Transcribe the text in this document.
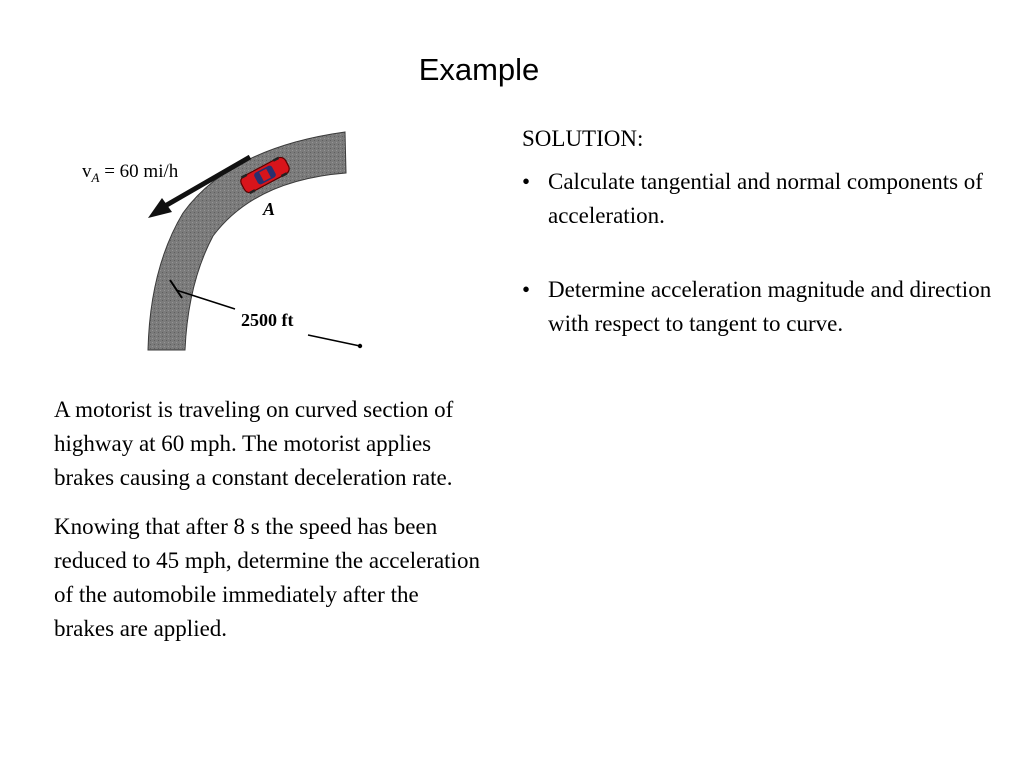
Example
$v_A = 60$ mi/h
A
2500 ft

A motorist is traveling on curved section of highway at 60 mph. The motorist applies brakes causing a constant deceleration rate.

Knowing that after 8 s the speed has been reduced to 45 mph, determine the acceleration of the automobile immediately after the brakes are applied.

SOLUTION:
• Calculate tangential and normal components of acceleration.
• Determine acceleration magnitude and direction with respect to tangent to curve.
